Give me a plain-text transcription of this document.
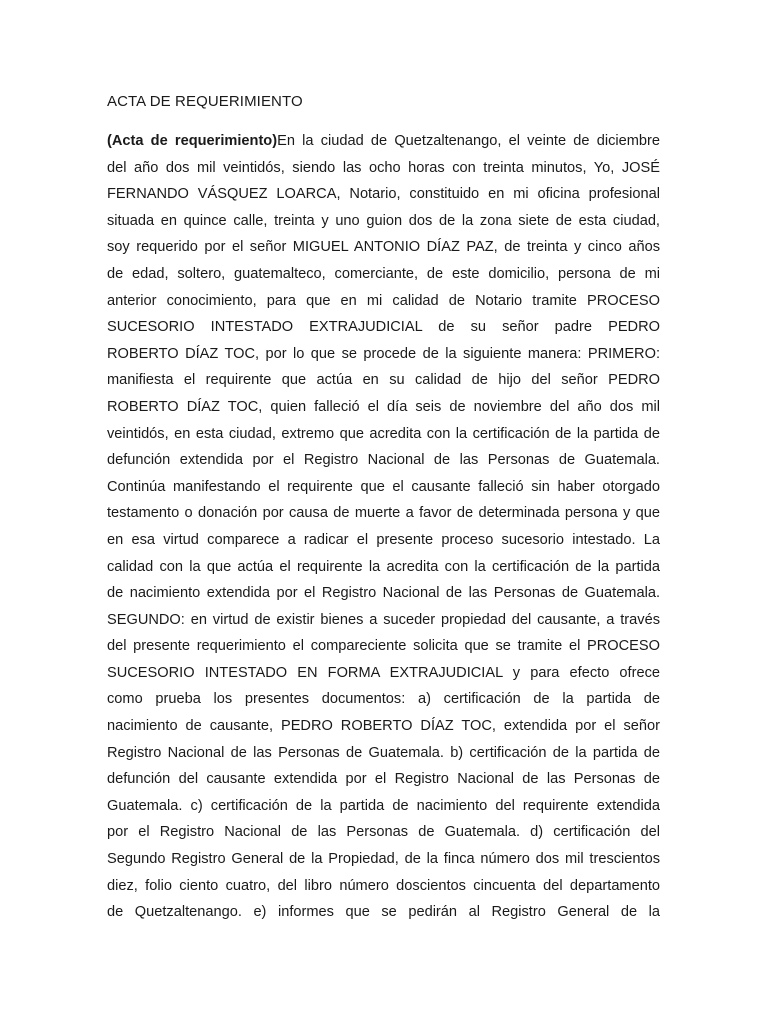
ACTA DE REQUERIMIENTO
(Acta de requerimiento)En la ciudad de Quetzaltenango, el veinte de diciembre
del año dos mil veintidós, siendo las ocho horas con treinta minutos, Yo, JOSÉ
FERNANDO VÁSQUEZ LOARCA, Notario, constituido en mi oficina profesional
situada en quince calle, treinta y uno guion dos de la zona siete de esta ciudad,
soy requerido por el señor MIGUEL ANTONIO DÍAZ PAZ, de treinta y cinco años
de edad, soltero, guatemalteco, comerciante, de este domicilio, persona de mi
anterior conocimiento, para que en mi calidad de Notario tramite PROCESO
SUCESORIO INTESTADO EXTRAJUDICIAL de su señor padre PEDRO
ROBERTO DÍAZ TOC, por lo que se procede de la siguiente manera: PRIMERO:
manifiesta el requirente que actúa en su calidad de hijo del señor PEDRO
ROBERTO DÍAZ TOC, quien falleció el día seis de noviembre del año dos mil
veintidós, en esta ciudad, extremo que acredita con la certificación de la partida de
defunción extendida por el Registro Nacional de las Personas de Guatemala.
Continúa manifestando el requirente que el causante falleció sin haber otorgado
testamento o donación por causa de muerte a favor de determinada persona y que
en esa virtud comparece a radicar el presente proceso sucesorio intestado. La
calidad con la que actúa el requirente la acredita con la certificación de la partida
de nacimiento extendida por el Registro Nacional de las Personas de Guatemala.
SEGUNDO: en virtud de existir bienes a suceder propiedad del causante, a través
del presente requerimiento el compareciente solicita que se tramite el PROCESO
SUCESORIO INTESTADO EN FORMA EXTRAJUDICIAL y para efecto ofrece
como prueba los presentes documentos: a) certificación de la partida de
nacimiento de causante, PEDRO ROBERTO DÍAZ TOC, extendida por el señor
Registro Nacional de las Personas de Guatemala. b) certificación de la partida de
defunción del causante extendida por el Registro Nacional de las Personas de
Guatemala. c) certificación de la partida de nacimiento del requirente extendida
por el Registro Nacional de las Personas de Guatemala. d) certificación del
Segundo Registro General de la Propiedad, de la finca número dos mil trescientos
diez, folio ciento cuatro, del libro número doscientos cincuenta del departamento
de Quetzaltenango. e) informes que se pedirán al Registro General de la
